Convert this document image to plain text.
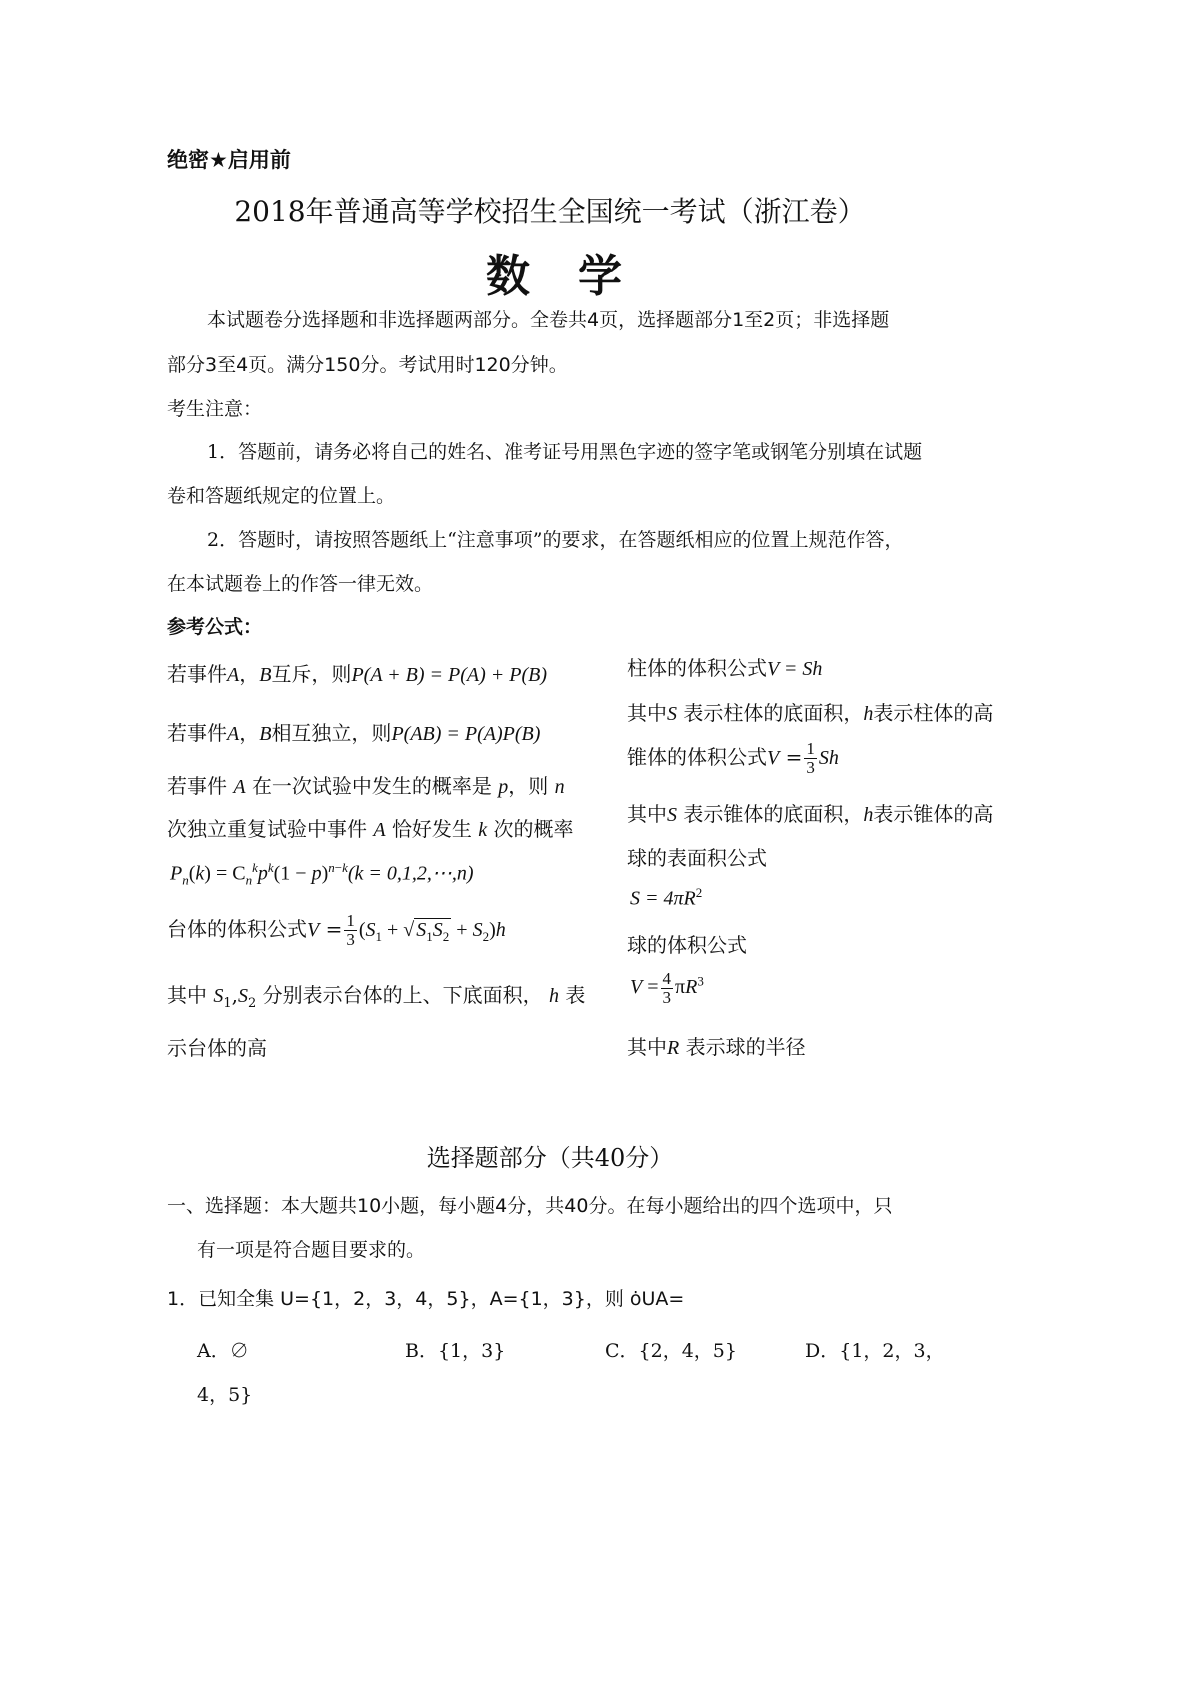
绝密★启用前
2018年普通高等学校招生全国统一考试（浙江卷）
数　学
本试题卷分选择题和非选择题两部分。全卷共4页，选择题部分1至2页；非选择题
部分3至4页。满分150分。考试用时120分钟。
考生注意：
1．答题前，请务必将自己的姓名、准考证号用黑色字迹的签字笔或钢笔分别填在试题
卷和答题纸规定的位置上。
2．答题时，请按照答题纸上“注意事项”的要求，在答题纸相应的位置上规范作答，
在本试题卷上的作答一律无效。
参考公式：
若事件A，B互斥，则P(A + B) = P(A) + P(B)
若事件A，B相互独立，则P(AB) = P(A)P(B)
若事件 A 在一次试验中发生的概率是 p，则 n
次独立重复试验中事件 A 恰好发生 k 次的概率
$P_n(k) = C_n^kp^k(1 - p)^{n-k}(k$ = 0,1,2,⋯,n)
台体的体积公式$V = \frac{1}{3} (S_1$ + √ $S_1S_2 + S_2)h$
其中 $S_1,S_2$ 分别表示台体的上、下底面积， h 表
示台体的高
柱体的体积公式V = Sh
其中S 表示柱体的底面积，h表示柱体的高
锥体的体积公式$V = \frac{1}{3}$ Sh
其中S 表示锥体的底面积，h表示锥体的高
球的表面积公式
$S = 4\pi R^2$
球的体积公式
$V = \frac{4}{3} \pi R^3$
其中R 表示球的半径
选择题部分（共40分）
一、选择题：本大题共10小题，每小题4分，共40分。在每小题给出的四个选项中，只
有一项是符合题目要求的。
1．已知全集 U={1，2，3，4，5}，A={1，3}，则 ȯUA=
A．∅	B．{1，3}	C．{2，4，5}	D．{1，2，3，
4，5}
